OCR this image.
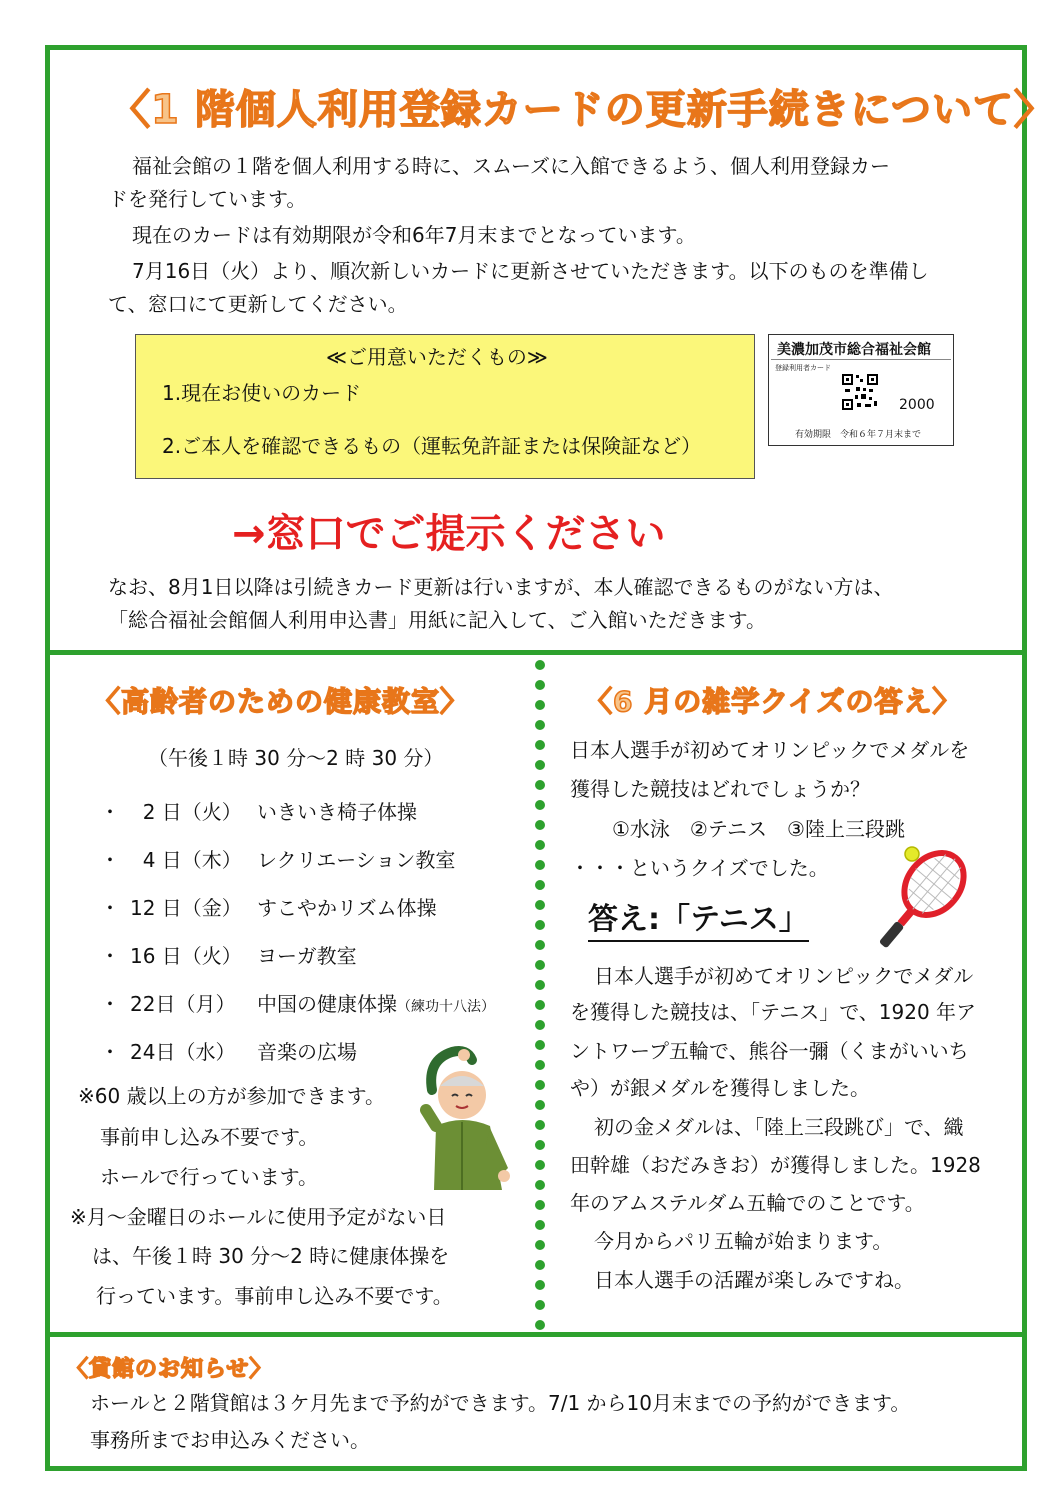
〈1 階個人利用登録カードの更新手続きについて〉
福祉会館の１階を個人利用する時に、スムーズに入館できるよう、個人利用登録カー
ドを発行しています。
現在のカードは有効期限が令和6年7月末までとなっています。
7月16日（火）より、順次新しいカードに更新させていただきます。以下のものを準備し
て、窓口にて更新してください。
≪ご用意いただくもの≫
1.現在お使いのカード
2.ご本人を確認できるもの（運転免許証または保険証など）
美濃加茂市総合福祉会館
登録利用者カード
2000
有効期限　令和６年７月末まで
→窓口でご提示ください
なお、8月1日以降は引続きカード更新は行いますが、本人確認できるものがない方は、
「総合福祉会館個人利用申込書」用紙に記入して、ご入館いただきます。
〈高齢者のための健康教室〉
（午後１時 30 分～2 時 30 分）
・ 2 日（火） いきいき椅子体操
・ 4 日（木） レクリエーション教室
・ 12 日（金） すこやかリズム体操
・ 16 日（火） ヨーガ教室
・ 22日（月） 中国の健康体操（練功十八法）
・ 24日（水） 音楽の広場
※60 歳以上の方が参加できます。
事前申し込み不要です。
ホールで行っています。
※月～金曜日のホールに使用予定がない日
は、午後１時 30 分～2 時に健康体操を
行っています。事前申し込み不要です。
〈6 月の雑学クイズの答え〉
日本人選手が初めてオリンピックでメダルを
獲得した競技はどれでしょうか？
①水泳　②テニス　③陸上三段跳
・・・というクイズでした。
答え:「テニス」
日本人選手が初めてオリンピックでメダル
を獲得した競技は、「テニス」で、1920 年ア
ントワープ五輪で、熊谷一彌（くまがいいち
や）が銀メダルを獲得しました。
初の金メダルは、「陸上三段跳び」で、織
田幹雄（おだみきお）が獲得しました。1928
年のアムステルダム五輪でのことです。
今月からパリ五輪が始まります。
日本人選手の活躍が楽しみですね。
〈貸館のお知らせ〉
ホールと２階貸館は３ケ月先まで予約ができます。7/1 から10月末までの予約ができます。
事務所までお申込みください。
